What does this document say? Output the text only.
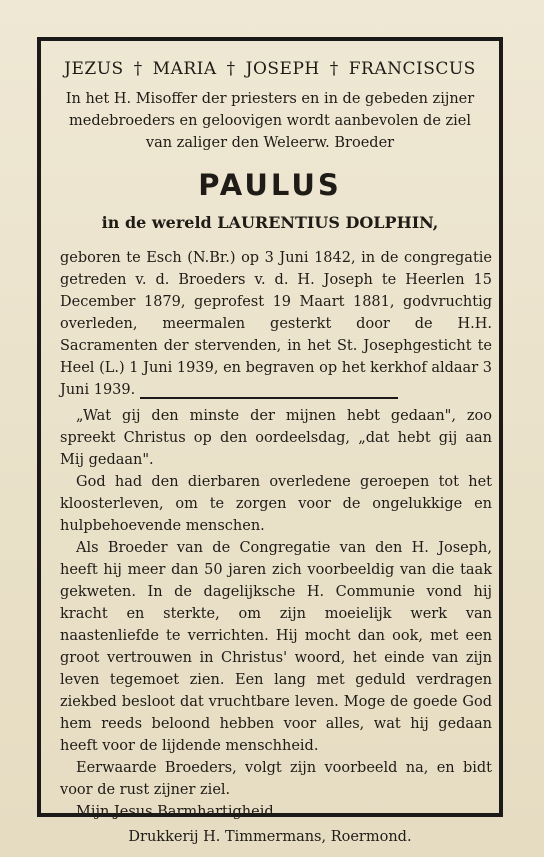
JEZUS † MARIA † JOSEPH † FRANCISCUS
In het H. Misoffer der priesters en in de gebeden zijner medebroeders en geloovigen wordt aanbevolen de ziel van zaliger den Weleerw. Broeder
PAULUS
in de wereld LAURENTIUS DOLPHIN,
geboren te Esch (N.Br.) op 3 Juni 1842, in de congregatie getreden v. d. Broeders v. d. H. Joseph te Heerlen 15 December 1879, geprofest 19 Maart 1881, godvruchtig overleden, meermalen gesterkt door de H.H. Sacramenten der stervenden, in het St. Josephgesticht te Heel (L.) 1 Juni 1939, en begraven op het kerkhof aldaar 3 Juni 1939.

„Wat gij den minste der mijnen hebt gedaan", zoo spreekt Christus op den oordeelsdag, „dat hebt gij aan Mij gedaan".

God had den dierbaren overledene geroepen tot het kloosterleven, om te zorgen voor de ongelukkige en hulpbehoevende menschen.

Als Broeder van de Congregatie van den H. Joseph, heeft hij meer dan 50 jaren zich voorbeeldig van die taak gekweten. In de dagelijksche H. Communie vond hij kracht en sterkte, om zijn moeielijk werk van naastenliefde te verrichten. Hij mocht dan ook, met een groot vertrouwen in Christus' woord, het einde van zijn leven tegemoet zien. Een lang met geduld verdragen ziekbed besloot dat vruchtbare leven. Moge de goede God hem reeds beloond hebben voor alles, wat hij gedaan heeft voor de lijdende menschheid.

Eerwaarde Broeders, volgt zijn voorbeeld na, en bidt voor de rust zijner ziel.

Mijn Jesus Barmhartigheid.

Drukkerij H. Timmermans, Roermond.
